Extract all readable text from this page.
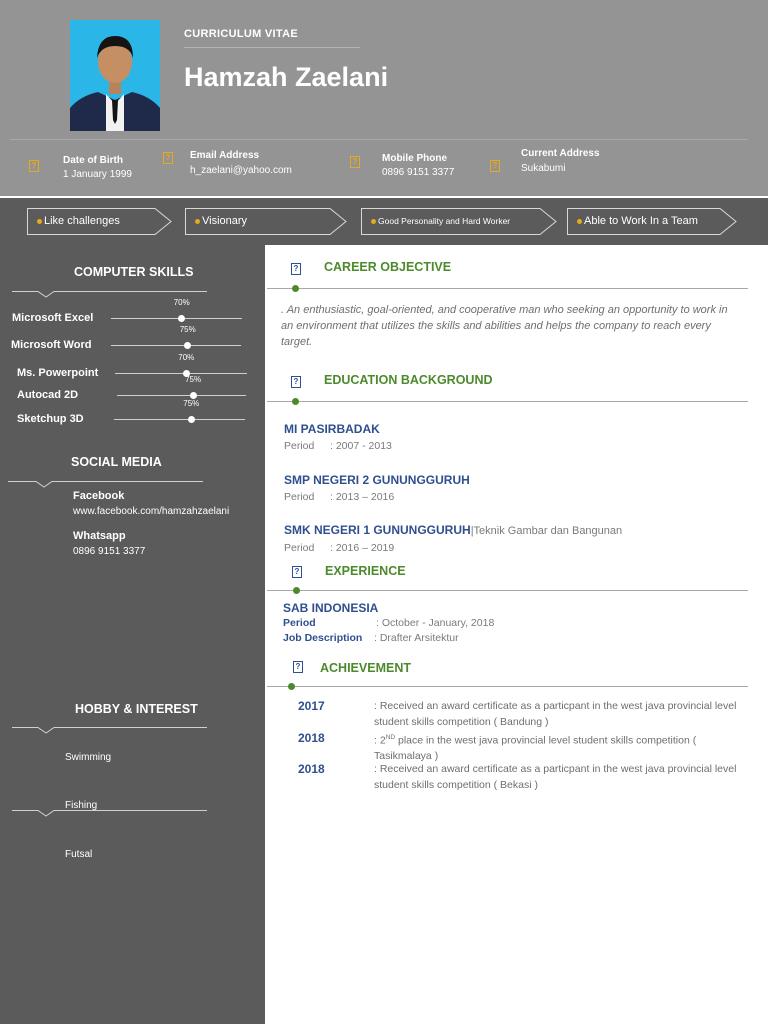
CURRICULUM VITAE
Hamzah Zaelani
?	Date of Birth
1 January 1999
? Email Address
h_zaelani@yahoo.com
? Mobile Phone
0896 9151 3377
?
Current Address
Sukabumi
Like challenges	Visionary	Good Personality and Hard Worker	Able to Work In a Team
COMPUTER SKILLS
Microsoft Excel
70%
Microsoft Word
75%
Ms. Powerpoint
70%
Autocad 2D
75%
Sketchup 3D
75%
SOCIAL MEDIA
Facebook
www.facebook.com/hamzahzaelani
Whatsapp
0896 9151 3377
HOBBY & INTEREST
Swimming
Fishing
Futsal
? CAREER OBJECTIVE
. An enthusiastic, goal-oriented, and cooperative man who seeking an opportunity to work in an environment that utilizes the skills and abilities and helps the company to reach every target.
? EDUCATION BACKGROUND
MI PASIRBADAK
Period : 2007 - 2013
SMP NEGERI 2 GUNUNGGURUH
Period : 2013 – 2016
SMK NEGERI 1 GUNUNGGURUH|Teknik Gambar dan Bangunan
Period : 2016 – 2019
? EXPERIENCE
SAB INDONESIA
Period	: October - January, 2018
Job Description : Drafter Arsitektur
? ACHIEVEMENT
2017	: Received an award certificate as a particpant in the west java provincial level student skills competition ( Bandung )
2018	: 2ND place in the west java provincial level student skills competition ( Tasikmalaya )
2018	: Received an award certificate as a particpant in the west java provincial level student skills competition ( Bekasi )
